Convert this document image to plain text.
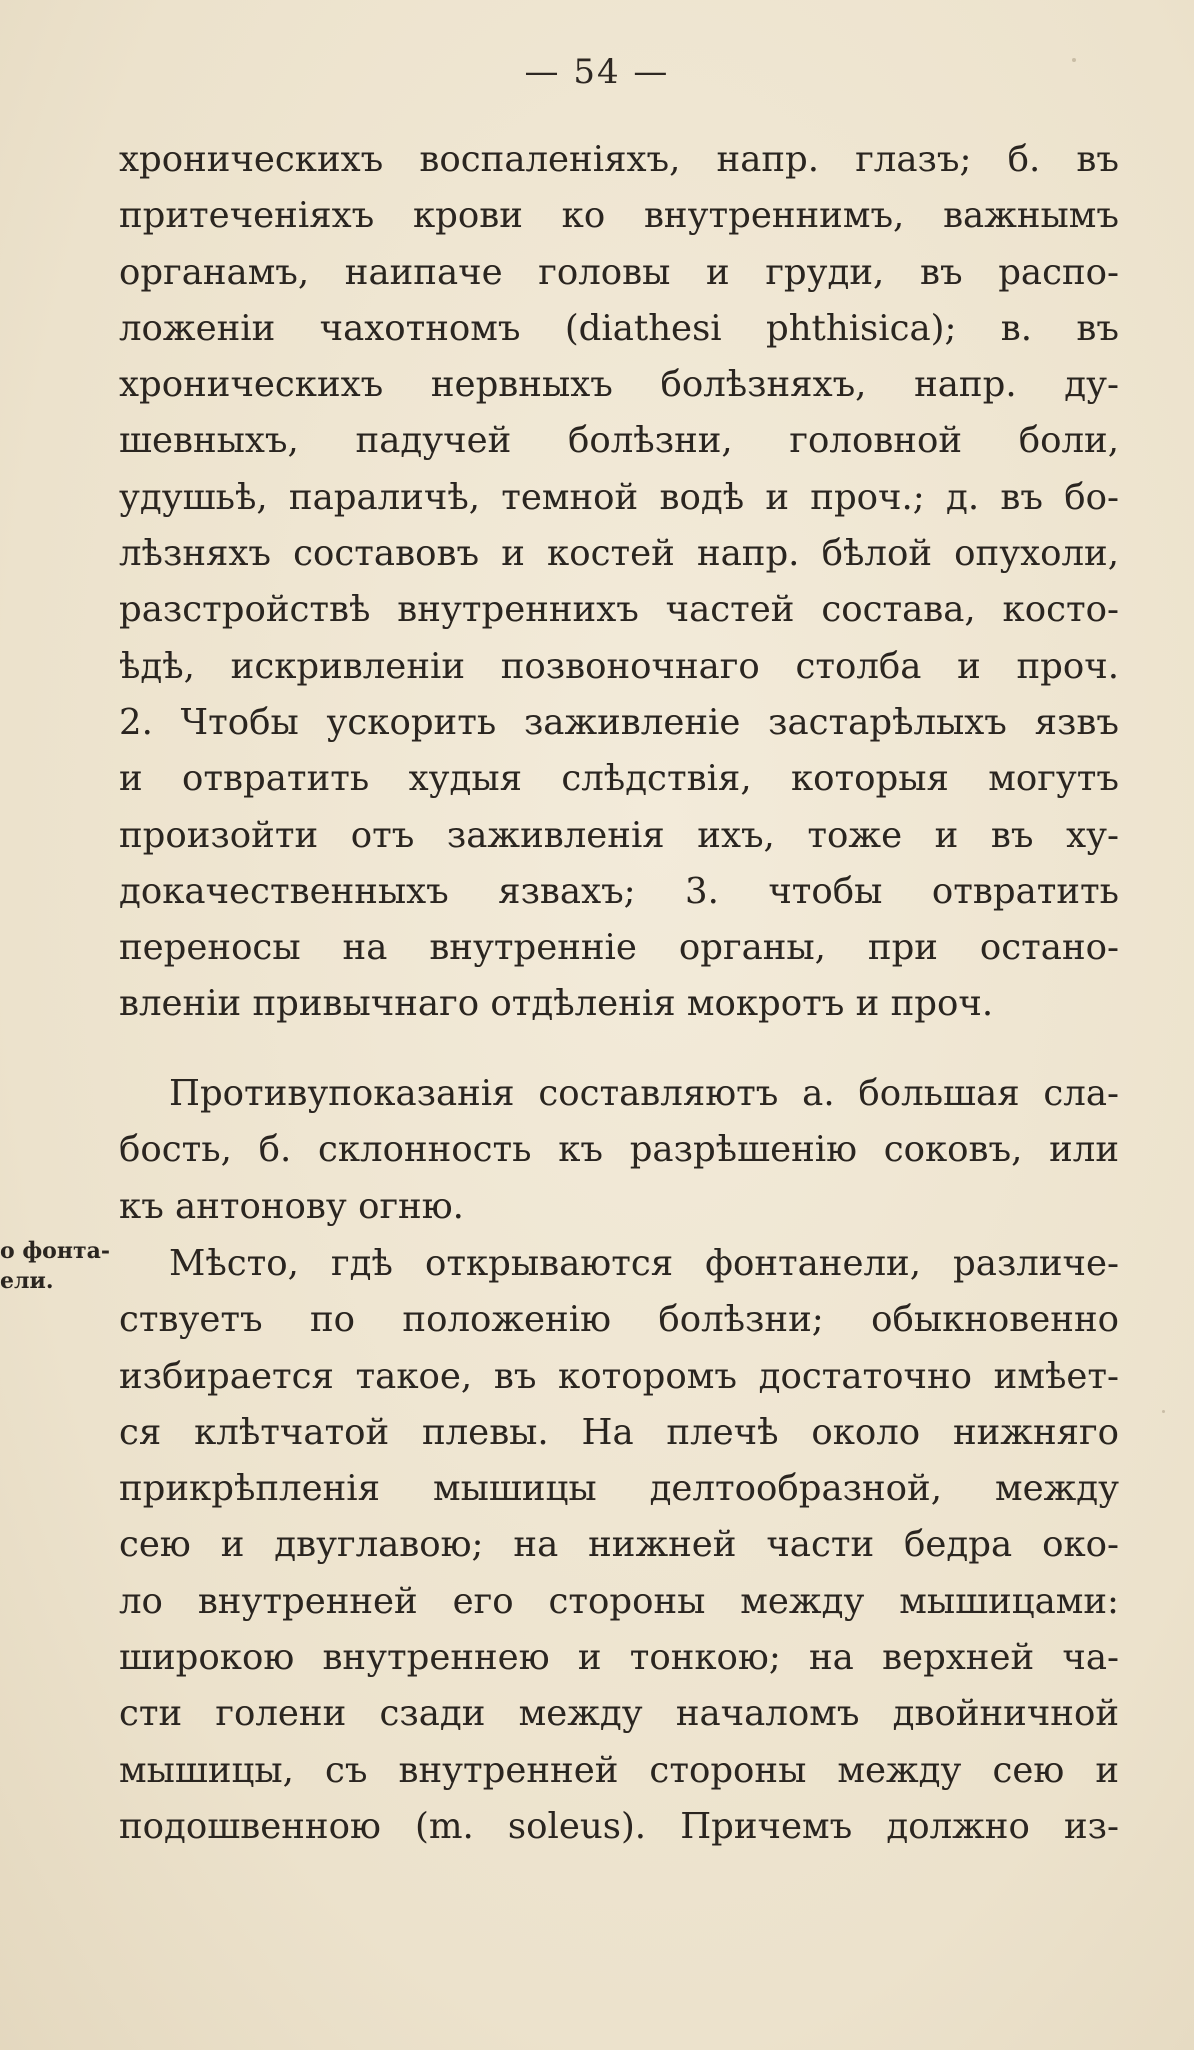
— 54 —
хроническихъ воспаленіяхъ, напр. глазъ; б. въ
притеченіяхъ крови ко внутреннимъ, важнымъ
органамъ, наипаче головы и груди, въ распо-
ложеніи чахотномъ (diathesi phthisica); в. въ
хроническихъ нервныхъ болѣзняхъ, напр. ду-
шевныхъ, падучей болѣзни, головной боли,
удушьѣ, параличѣ, темной водѣ и проч.; д. въ бо-
лѣзняхъ составовъ и костей напр. бѣлой опухоли,
разстройствѣ внутреннихъ частей состава, косто-
ѣдѣ, искривленіи позвоночнаго столба и проч.
2. Чтобы ускорить заживленіе застарѣлыхъ язвъ
и отвратить худыя слѣдствія, которыя могутъ
произойти отъ заживленія ихъ, тоже и въ ху-
докачественныхъ язвахъ; 3. чтобы отвратить
переносы на внутренніе органы, при остано-
вленіи привычнаго отдѣленія мокротъ и проч.
Противупоказанія составляютъ а. большая сла-
бость, б. склонность къ разрѣшенію соковъ, или
къ антонову огню.
о фонта-
ели.	Мѣсто, гдѣ открываются фонтанели, различе-
ствуетъ по положенію болѣзни; обыкновенно
избирается такое, въ которомъ достаточно имѣет-
ся клѣтчатой плевы. На плечѣ около нижняго
прикрѣпленія мышицы делтообразной, между
сею и двуглавою; на нижней части бедра око-
ло внутренней его стороны между мышицами:
широкою внутреннею и тонкою; на верхней ча-
сти голени сзади между началомъ двойничной
мышицы, съ внутренней стороны между сею и
подошвенною (m. soleus). Причемъ должно из-
